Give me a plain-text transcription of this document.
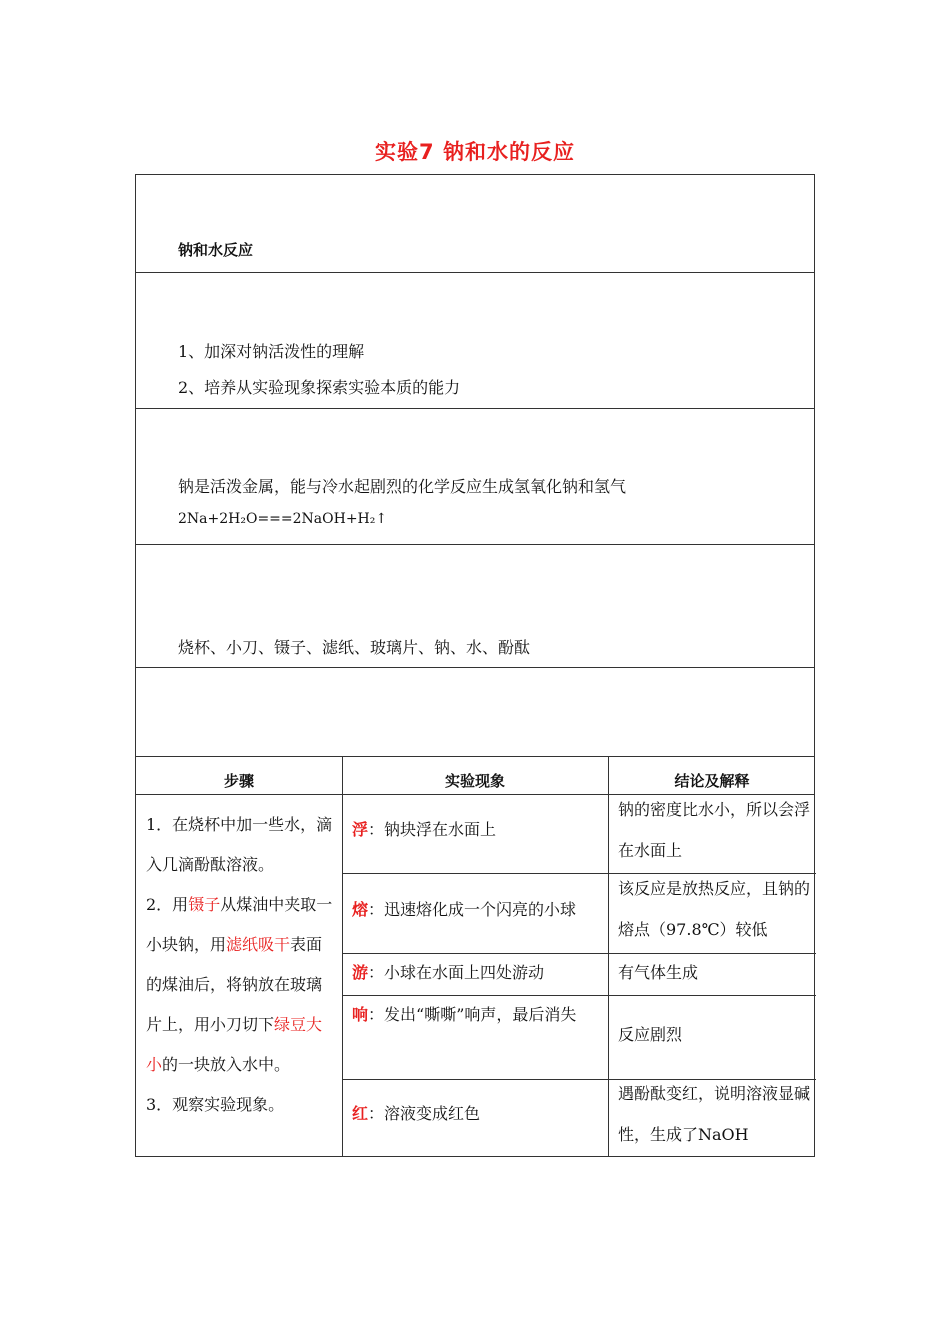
实验7 钠和水的反应
钠和水反应
1、加深对钠活泼性的理解
2、培养从实验现象探索实验本质的能力
钠是活泼金属，能与冷水起剧烈的化学反应生成氢氧化钠和氢气
2Na+2H₂O===2NaOH+H₂↑
烧杯、小刀、镊子、滤纸、玻璃片、钠、水、酚酞
步骤	实验现象	结论及解释

1．在烧杯中加一些水，滴入几滴酚酞溶液。

2．用镊子从煤油中夹取一小块钠，用滤纸吸干表面的煤油后，将钠放在玻璃片上，用小刀切下绿豆大小的一块放入水中。

3．观察实验现象。

浮：钠块浮在水面上
熔：迅速熔化成一个闪亮的小球
游：小球在水面上四处游动
响：发出“嘶嘶”响声，最后消失
红：溶液变成红色
钠的密度比水小，所以会浮在水面上
该反应是放热反应，且钠的熔点（97.8℃）较低
有气体生成
反应剧烈
遇酚酞变红，说明溶液显碱性，生成了NaOH
